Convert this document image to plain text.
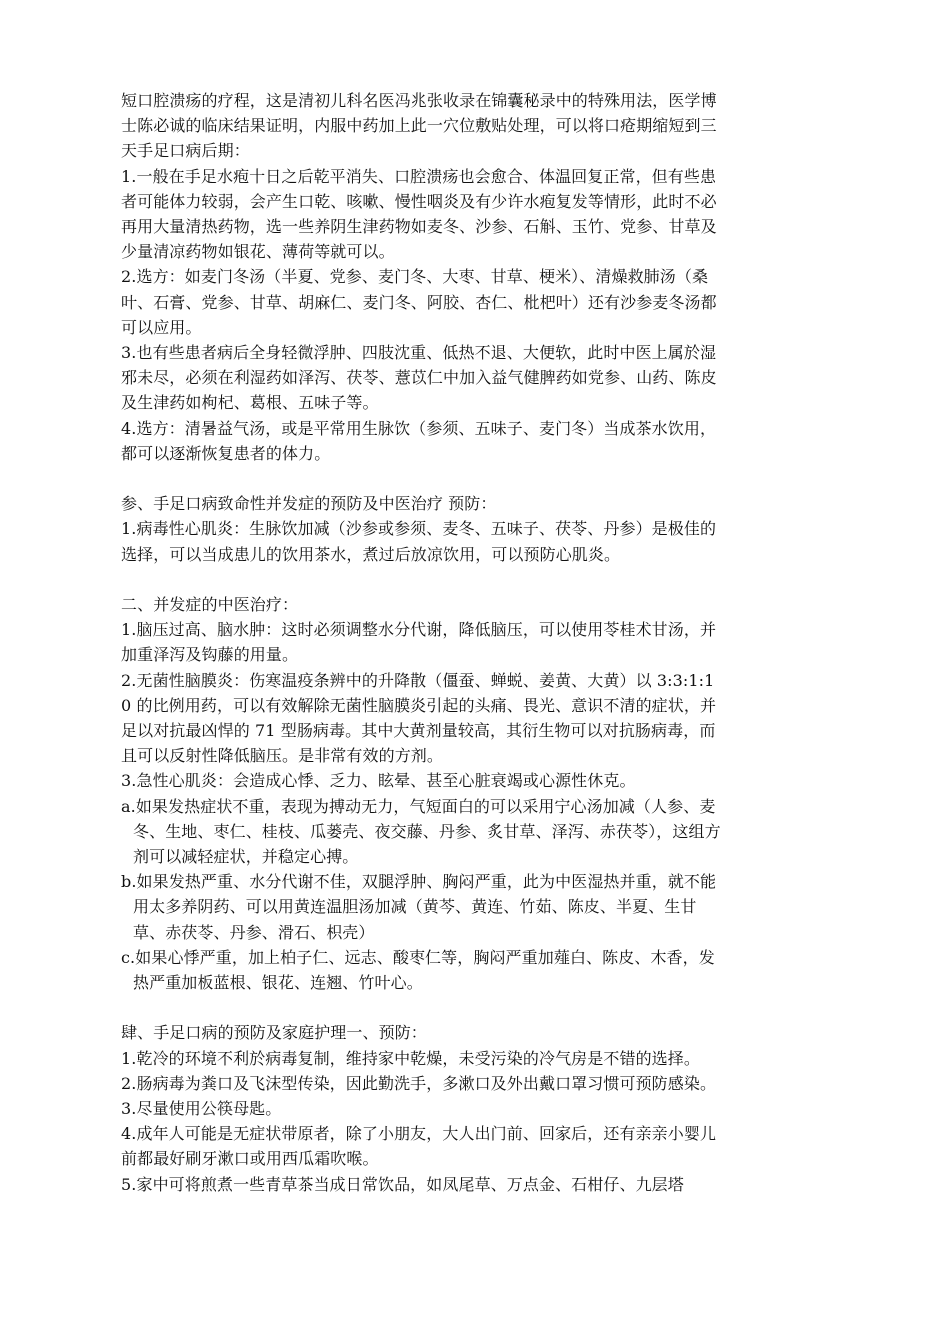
短口腔溃疡的疗程，这是清初儿科名医冯兆张收录在锦囊秘录中的特殊用法，医学博士陈必诚的临床结果证明，内服中药加上此一穴位敷贴处理，可以将口疮期缩短到三天手足口病后期：

1.一般在手足水疱十日之后乾平消失、口腔溃疡也会愈合、体温回复正常，但有些患者可能体力较弱，会产生口乾、咳嗽、慢性咽炎及有少许水疱复发等情形，此时不必再用大量清热药物，选一些养阴生津药物如麦冬、沙参、石斛、玉竹、党参、甘草及少量清凉药物如银花、薄荷等就可以。

2.选方：如麦门冬汤（半夏、党参、麦门冬、大枣、甘草、梗米）、清燥救肺汤（桑叶、石膏、党参、甘草、胡麻仁、麦门冬、阿胶、杏仁、枇杷叶）还有沙参麦冬汤都可以应用。

3.也有些患者病后全身轻微浮肿、四肢沈重、低热不退、大便软，此时中医上属於湿邪未尽，必须在利湿药如泽泻、茯苓、薏苡仁中加入益气健脾药如党参、山药、陈皮及生津药如枸杞、葛根、五味子等。

4.选方：清暑益气汤，或是平常用生脉饮（参须、五味子、麦门冬）当成茶水饮用，都可以逐渐恢复患者的体力。

参、手足口病致命性并发症的预防及中医治疗 预防：

1.病毒性心肌炎：生脉饮加减（沙参或参须、麦冬、五味子、茯苓、丹参）是极佳的选择，可以当成患儿的饮用茶水，煮过后放凉饮用，可以预防心肌炎。

二、并发症的中医治疗：

1.脑压过高、脑水肿：这时必须调整水分代谢，降低脑压，可以使用苓桂术甘汤，并加重泽泻及钩藤的用量。

2.无菌性脑膜炎：伤寒温疫条辨中的升降散（僵蚕、蝉蜕、姜黄、大黄）以 3:3:1:10 的比例用药，可以有效解除无菌性脑膜炎引起的头痛、畏光、意识不清的症状，并足以对抗最凶悍的 71 型肠病毒。其中大黄剂量较高，其衍生物可以对抗肠病毒，而且可以反射性降低脑压。是非常有效的方剂。

3.急性心肌炎：会造成心悸、乏力、眩晕、甚至心脏衰竭或心源性休克。

a.如果发热症状不重，表现为搏动无力，气短面白的可以采用宁心汤加减（人参、麦冬、生地、枣仁、桂枝、瓜蒌壳、夜交藤、丹参、炙甘草、泽泻、赤茯苓），这组方剂可以减轻症状，并稳定心搏。

b.如果发热严重、水分代谢不佳，双腿浮肿、胸闷严重，此为中医湿热并重，就不能用太多养阴药、可以用黄连温胆汤加减（黄芩、黄连、竹茹、陈皮、半夏、生甘草、赤茯苓、丹参、滑石、枳壳）

c.如果心悸严重，加上柏子仁、远志、酸枣仁等，胸闷严重加薤白、陈皮、木香，发热严重加板蓝根、银花、连翘、竹叶心。

肆、手足口病的预防及家庭护理一、预防：

1.乾冷的环境不利於病毒复制，维持家中乾燥，未受污染的冷气房是不错的选择。

2.肠病毒为粪口及飞沫型传染，因此勤洗手，多漱口及外出戴口罩习惯可预防感染。

3.尽量使用公筷母匙。

4.成年人可能是无症状带原者，除了小朋友，大人出门前、回家后，还有亲亲小婴儿前都最好刷牙漱口或用西瓜霜吹喉。

5.家中可将煎煮一些青草茶当成日常饮品，如凤尾草、万点金、石柑仔、九层塔
